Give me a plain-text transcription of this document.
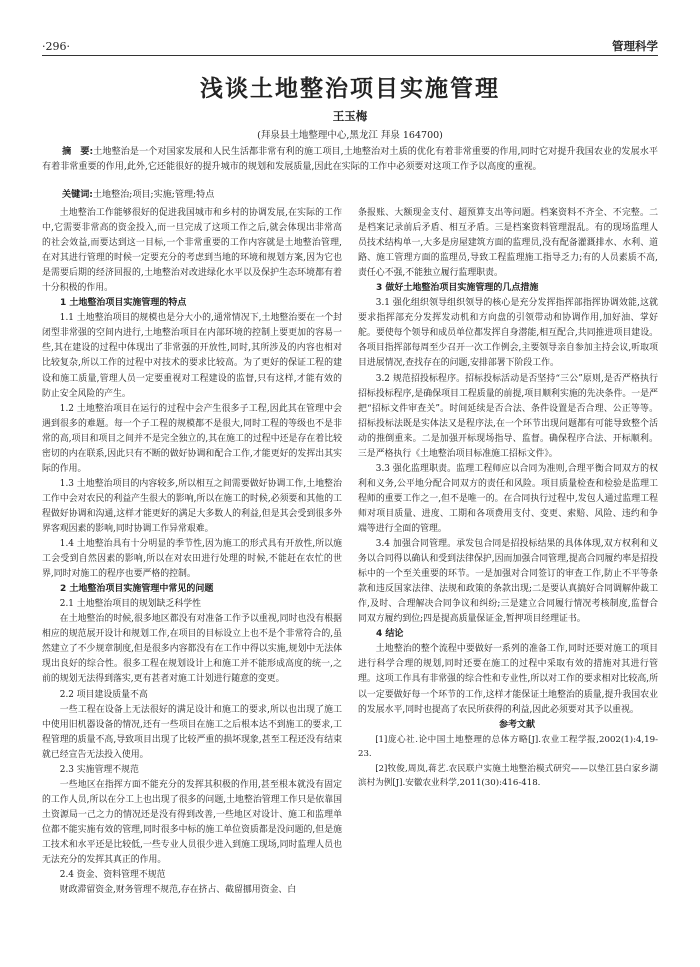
·296·	管理科学
浅谈土地整治项目实施管理
王玉梅
(拜泉县土地整理中心,黑龙江 拜泉 164700)
摘　要:土地整治是一个对国家发展和人民生活都非常有利的施工项目,土地整治对土质的优化有着非常重要的作用,同时它对提升我国农业的发展水平有着非常重要的作用,此外,它还能很好的提升城市的规划和发展质量,因此在实际的工作中必须要对这项工作予以高度的重视。
关键词:土地整治;项目;实施;管理;特点

土地整治工作能够很好的促进我国城市和乡村的协调发展,在实际的工作中,它需要非常高的资金投入,而一旦完成了这项工作之后,就会体现出非常高的社会效益,而要达到这一目标,一个非常重要的工作内容就是土地整治管理,在对其进行管理的时候一定要充分的考虑到当地的环境和规划方案,因为它也是需要后期的经济回报的,土地整治对改进绿化水平以及保护生态环境都有着十分积极的作用。

1 土地整治项目实施管理的特点

1.1 土地整治项目的规模也是分大小的,通常情况下,土地整治要在一个封闭型非常强的空间内进行,土地整治项目在内部环境的控制上要更加的容易一些,其在建设的过程中体现出了非常强的开放性,同时,其所涉及的内容也相对比较复杂,所以工作的过程中对技术的要求比较高。为了更好的保证工程的建设和施工质量,管理人员一定要重视对工程建设的监督,只有这样,才能有效的防止安全风险的产生。

1.2 土地整治项目在运行的过程中会产生很多子工程,因此其在管理中会遇到很多的难题。每一个子工程的规模都不是很大,同时工程的等级也不是非常的高,项目和项目之间并不是完全独立的,其在施工的过程中还是存在着比较密切的内在联系,因此只有不断的做好协调和配合工作,才能更好的发挥出其实际的作用。

1.3 土地整治项目的内容较多,所以相互之间需要做好协调工作,土地整治工作中会对农民的利益产生很大的影响,所以在施工的时候,必须要和其他的工程做好协调和沟通,这样才能更好的满足大多数人的利益,但是其会受到很多外界客观因素的影响,同时协调工作异常艰难。

1.4 土地整治具有十分明显的季节性,因为施工的形式具有开放性,所以施工会受到自然因素的影响,所以在对农田进行处理的时候,不能赶在农忙的世界,同时对施工的程序也要严格的控制。

2 土地整治项目实施管理中常见的问题
2.1 土地整治项目的规划缺乏科学性

在土地整治的时候,很多地区都没有对准备工作予以重视,同时也没有根据相应的规范展开设计和规划工作,在项目的目标设立上也不是个非常符合的,虽然建立了不少规章制度,但是很多内容都没有在工作中得以实施,规划中无法体现出良好的综合性。很多工程在规划设计上和施工并不能形成高度的统一,之前的规划无法得到落实,更有甚者对施工计划进行随意的变更。

2.2 项目建设质量不高

一些工程在设备上无法很好的满足设计和施工的要求,所以也出现了施工中使用旧机器设备的情况,还有一些项目在施工之后根本达不到施工的要求,工程管理的质量不高,导致项目出现了比较严重的损坏现象,甚至工程还没有结束就已经宣告无法投入使用。

2.3 实施管理不规范

一些地区在指挥方面不能充分的发挥其积极的作用,甚至根本就没有固定的工作人员,所以在分工上也出现了很多的问题,土地整治管理工作只是依靠国土资源局一己之力的情况还是没有得到改善,一些地区对设计、施工和监理单位都不能实施有效的管理,同时很多中标的施工单位资质都是没问题的,但是施工技术和水平还是比较低,一些专业人员很少进入到施工现场,同时监理人员也无法充分的发挥其真正的作用。

2.4 资金、资料管理不规范

财政滞留资金,财务管理不规范,存在挤占、截留挪用资金、白

条报账、大额现金支付、超预算支出等问题。档案资料不齐全、不完整。二是档案记录前后矛盾、相互矛盾。三是档案资料管理混乱。有的现场监理人员技术结构单一,大多是房屋建筑方面的监理员,没有配备灌溉排水、水利、道路、施工管理方面的监理员,导致工程监理施工指导乏力;有的人员素质不高,责任心不强,不能独立履行监理职责。

3 做好土地整治项目实施管理的几点措施

3.1 强化组织领导组织领导的核心是充分发挥指挥部指挥协调效能,这就要求指挥部充分发挥发动机和方向盘的引领带动和协调作用,加好油、掌好舵。要使每个领导和成员单位都发挥自身潜能,相互配合,共同推进项目建设。各项目指挥部每周至少召开一次工作例会,主要领导亲自参加主持会议,听取项目进展情况,查找存在的问题,安排部署下阶段工作。

3.2 规范招投标程序。招标投标活动是否坚持“三公”原则,是否严格执行招标投标程序,是确保项目工程质量的前提,项目顺利实施的先决条件。一是严把“招标文件审查关”。时间延续是否合法、条件设置是否合理、公正等等。招标投标法既是实体法又是程序法,在一个环节出现问题都有可能导致整个活动的推倒重来。二是加强开标现场指导、监督。确保程序合法、开标顺利。三是严格执行《土地整治项目标准施工招标文件》。

3.3 强化监理职责。监理工程师应以合同为准则,合理平衡合同双方的权利和义务,公平地分配合同双方的责任和风险。项目质量检查和检验是监理工程师的重要工作之一,但不是唯一的。在合同执行过程中,发包人通过监理工程师对项目质量、进度、工期和各项费用支付、变更、索赔、风险、违约和争端等进行全面的管理。

3.4 加强合同管理。承发包合同是招投标结果的具体体现,双方权利和义务以合同得以确认和受到法律保护,因而加强合同管理,提高合同履约率是招投标中的一个至关重要的环节。一是加强对合同签订的审查工作,防止不平等条款和违反国家法律、法规和政策的条款出现;二是要认真搞好合同调解仲裁工作,及时、合理解决合同争议和纠纷;三是建立合同履行情况考核制度,监督合同双方履约到位;四是提高质量保证金,暂押项目经理证书。

4 结论

土地整治的整个流程中要做好一系列的准备工作,同时还要对施工的项目进行科学合理的规划,同时还要在施工的过程中采取有效的措施对其进行管理。这项工作具有非常强的综合性和专业性,所以对工作的要求相对比较高,所以一定要做好每一个环节的工作,这样才能保证土地整治的质量,提升我国农业的发展水平,同时也提高了农民所获得的利益,因此必须要对其予以重视。

参考文献

[1]庞心社.论中国土地整理的总体方略[J].农业工程学报,2002(1):4,19-23.

[2]牧俊,周岚,蒋艺.农民联户实施土地整治模式研究——以垫江县白家乡湖滨村为例[J].安徽农业科学,2011(30):416-418.
